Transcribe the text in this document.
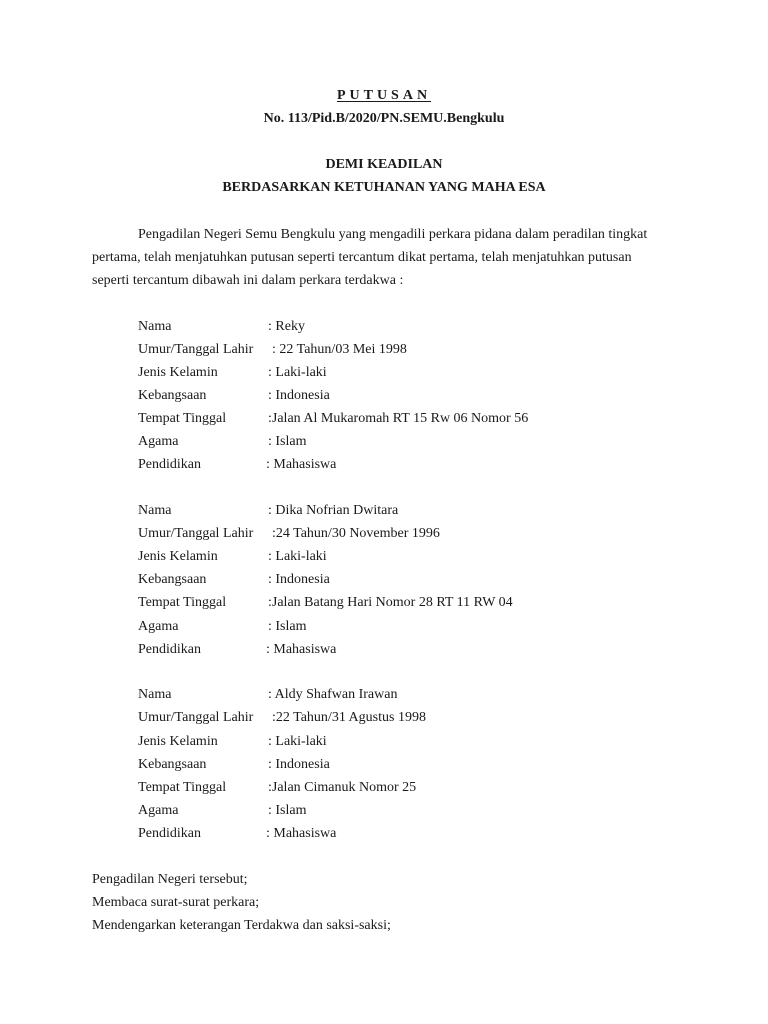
PUTUSAN
No. 113/Pid.B/2020/PN.SEMU.Bengkulu
DEMI KEADILAN
BERDASARKAN KETUHANAN YANG MAHA ESA
Pengadilan Negeri Semu Bengkulu yang mengadili perkara pidana dalam peradilan tingkat
pertama, telah menjatuhkan putusan seperti tercantum dikat pertama, telah menjatuhkan putusan
seperti tercantum dibawah ini dalam perkara terdakwa :
Nama	: Reky
Umur/Tanggal Lahir : 22 Tahun/03 Mei 1998
Jenis Kelamin	: Laki-laki
Kebangsaan	: Indonesia
Tempat Tinggal	:Jalan Al Mukaromah RT 15 Rw 06 Nomor 56
Agama	: Islam
Pendidikan	: Mahasiswa
Nama	: Dika Nofrian Dwitara
Umur/Tanggal Lahir :24 Tahun/30 November 1996
Jenis Kelamin	: Laki-laki
Kebangsaan	: Indonesia
Tempat Tinggal	:Jalan Batang Hari Nomor 28 RT 11 RW 04
Agama	: Islam
Pendidikan	: Mahasiswa
Nama	: Aldy Shafwan Irawan
Umur/Tanggal Lahir :22 Tahun/31 Agustus 1998
Jenis Kelamin	: Laki-laki
Kebangsaan	: Indonesia
Tempat Tinggal	:Jalan Cimanuk Nomor 25
Agama	: Islam
Pendidikan	: Mahasiswa
Pengadilan Negeri tersebut;
Membaca surat-surat perkara;
Mendengarkan keterangan Terdakwa dan saksi-saksi;
